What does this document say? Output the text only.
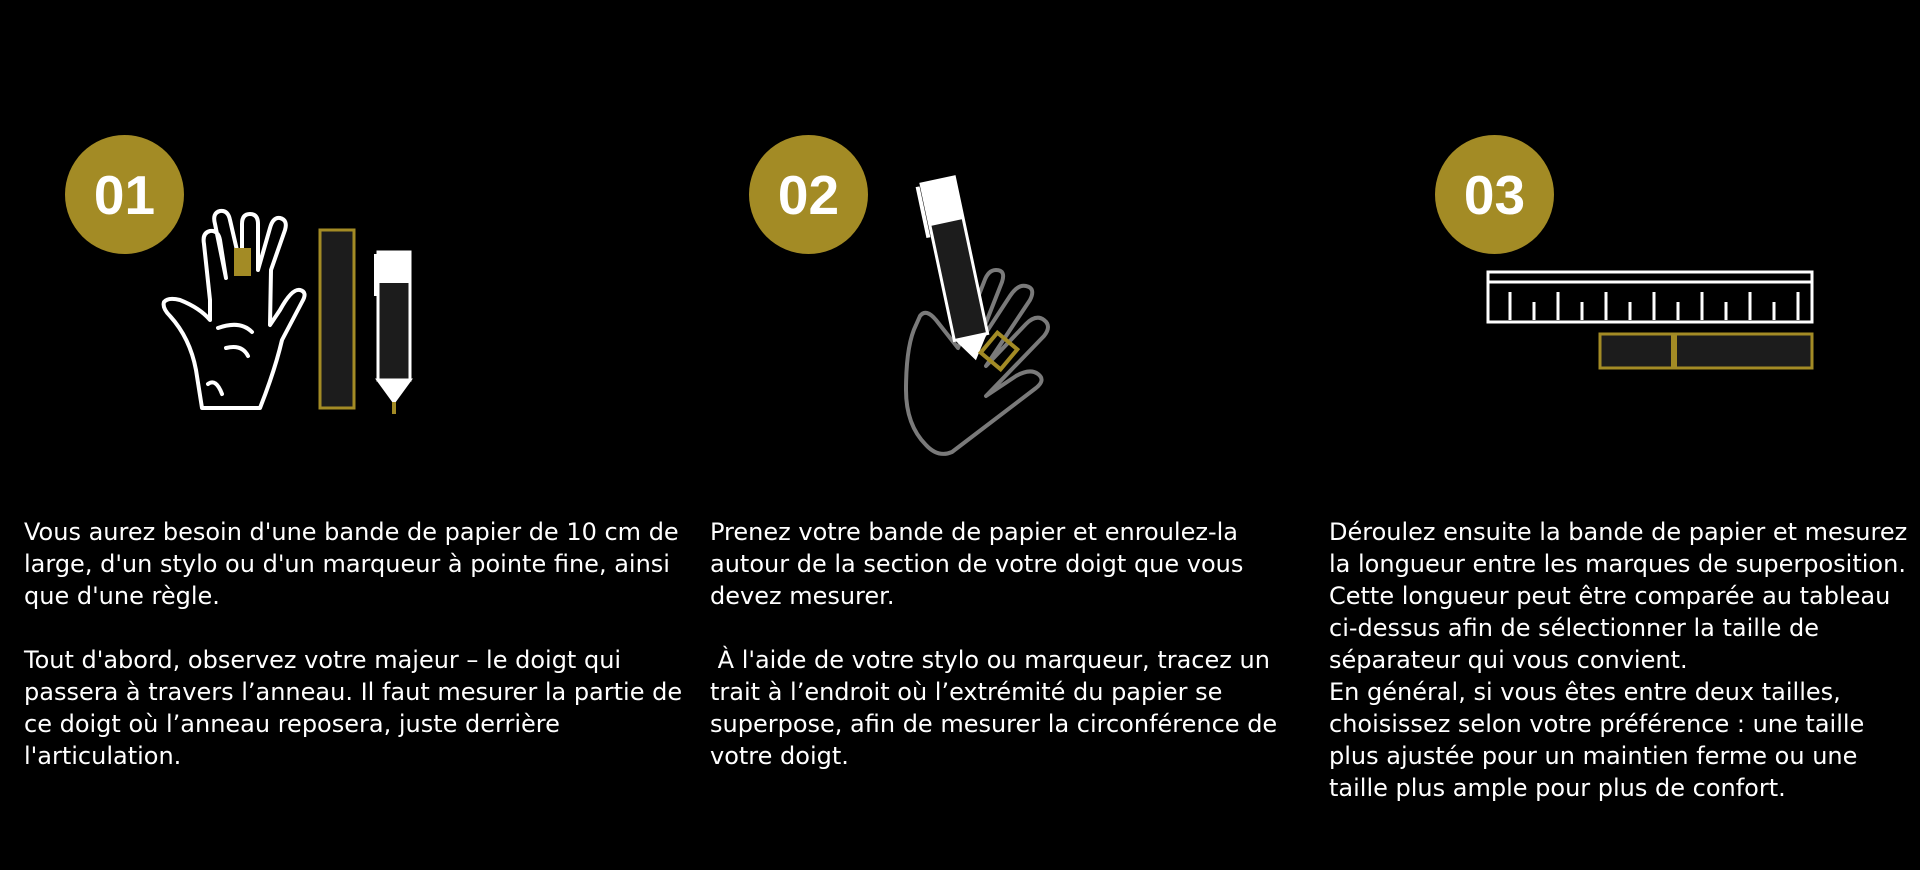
01

Vous aurez besoin d'une bande de papier de 10 cm de large, d'un stylo ou d'un marqueur à pointe fine, ainsi que d'une règle.

Tout d'abord, observez votre majeur – le doigt qui passera à travers l’anneau. Il faut mesurer la partie de ce doigt où l’anneau reposera, juste derrière l'articulation.

02

Prenez votre bande de papier et enroulez-la autour de la section de votre doigt que vous devez mesurer.

À l'aide de votre stylo ou marqueur, tracez un trait à l’endroit où l’extrémité du papier se superpose, afin de mesurer la circonférence de votre doigt.

03

Déroulez ensuite la bande de papier et mesurez la longueur entre les marques de superposition. Cette longueur peut être comparée au tableau ci-dessus afin de sélectionner la taille de séparateur qui vous convient.

En général, si vous êtes entre deux tailles, choisissez selon votre préférence : une taille plus ajustée pour un maintien ferme ou une taille plus ample pour plus de confort.
